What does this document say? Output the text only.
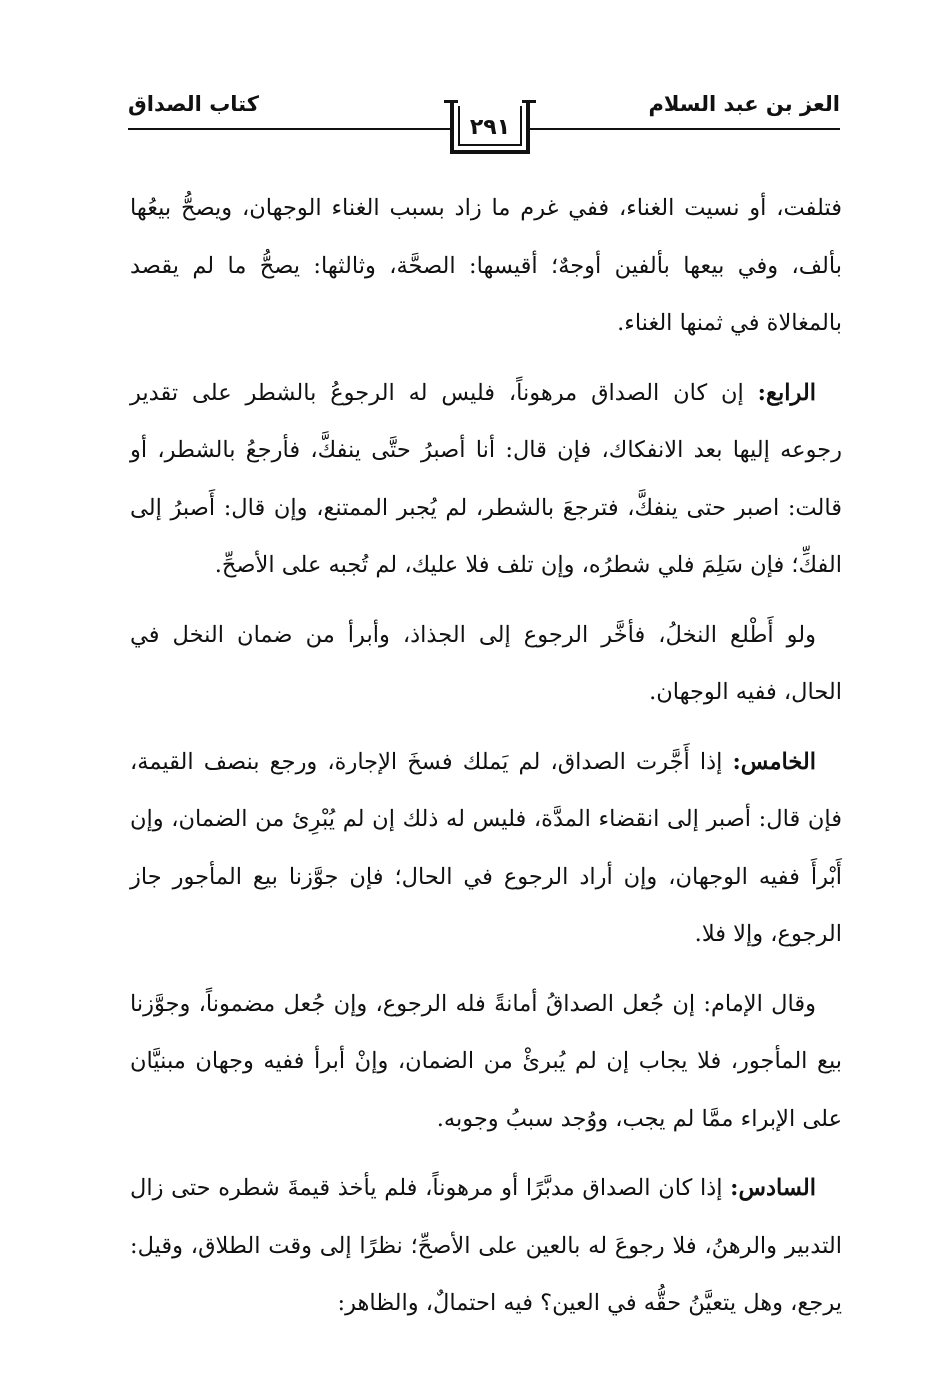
العز بن عبد السلام
كتاب الصداق
٢٩١

فتلفت، أو نسيت الغناء، ففي غرم ما زاد بسبب الغناء الوجهان، ويصحُّ بيعُها بألف، وفي بيعها بألفين أوجهٌ؛ أقيسها: الصحَّة، وثالثها: يصحُّ ما لم يقصد بالمغالاة في ثمنها الغناء.

الرابع: إن كان الصداق مرهوناً، فليس له الرجوعُ بالشطر على تقدير رجوعه إليها بعد الانفكاك، فإن قال: أنا أصبرُ حتَّى ينفكَّ، فأرجعُ بالشطر، أو قالت: اصبر حتى ينفكَّ، فترجعَ بالشطر، لم يُجبر الممتنع، وإن قال: أَصبرُ إلى الفكِّ؛ فإن سَلِمَ فلي شطرُه، وإن تلف فلا عليك، لم تُجبه على الأصحِّ.

ولو أَطْلع النخلُ، فأخَّر الرجوع إلى الجذاذ، وأبرأ من ضمان النخل في الحال، ففيه الوجهان.

الخامس: إذا أَجَّرت الصداق، لم يَملك فسخَ الإجارة، ورجع بنصف القيمة، فإن قال: أصبر إلى انقضاء المدَّة، فليس له ذلك إن لم يُبْرِئ من الضمان، وإن أَبْرأَ ففيه الوجهان، وإن أراد الرجوع في الحال؛ فإن جوَّزنا بيع المأجور جاز الرجوع، وإلا فلا.

وقال الإمام: إن جُعل الصداقُ أمانةً فله الرجوع، وإن جُعل مضموناً، وجوَّزنا بيع المأجور، فلا يجاب إن لم يُبرئْ من الضمان، وإنْ أبرأ ففيه وجهان مبنيَّان على الإبراء ممَّا لم يجب، ووُجد سببُ وجوبه.

السادس: إذا كان الصداق مدبَّرًا أو مرهوناً، فلم يأخذ قيمةَ شطره حتى زال التدبير والرهنُ، فلا رجوعَ له بالعين على الأصحِّ؛ نظرًا إلى وقت الطلاق، وقيل: يرجع، وهل يتعيَّنُ حقُّه في العين؟ فيه احتمالٌ، والظاهر:
